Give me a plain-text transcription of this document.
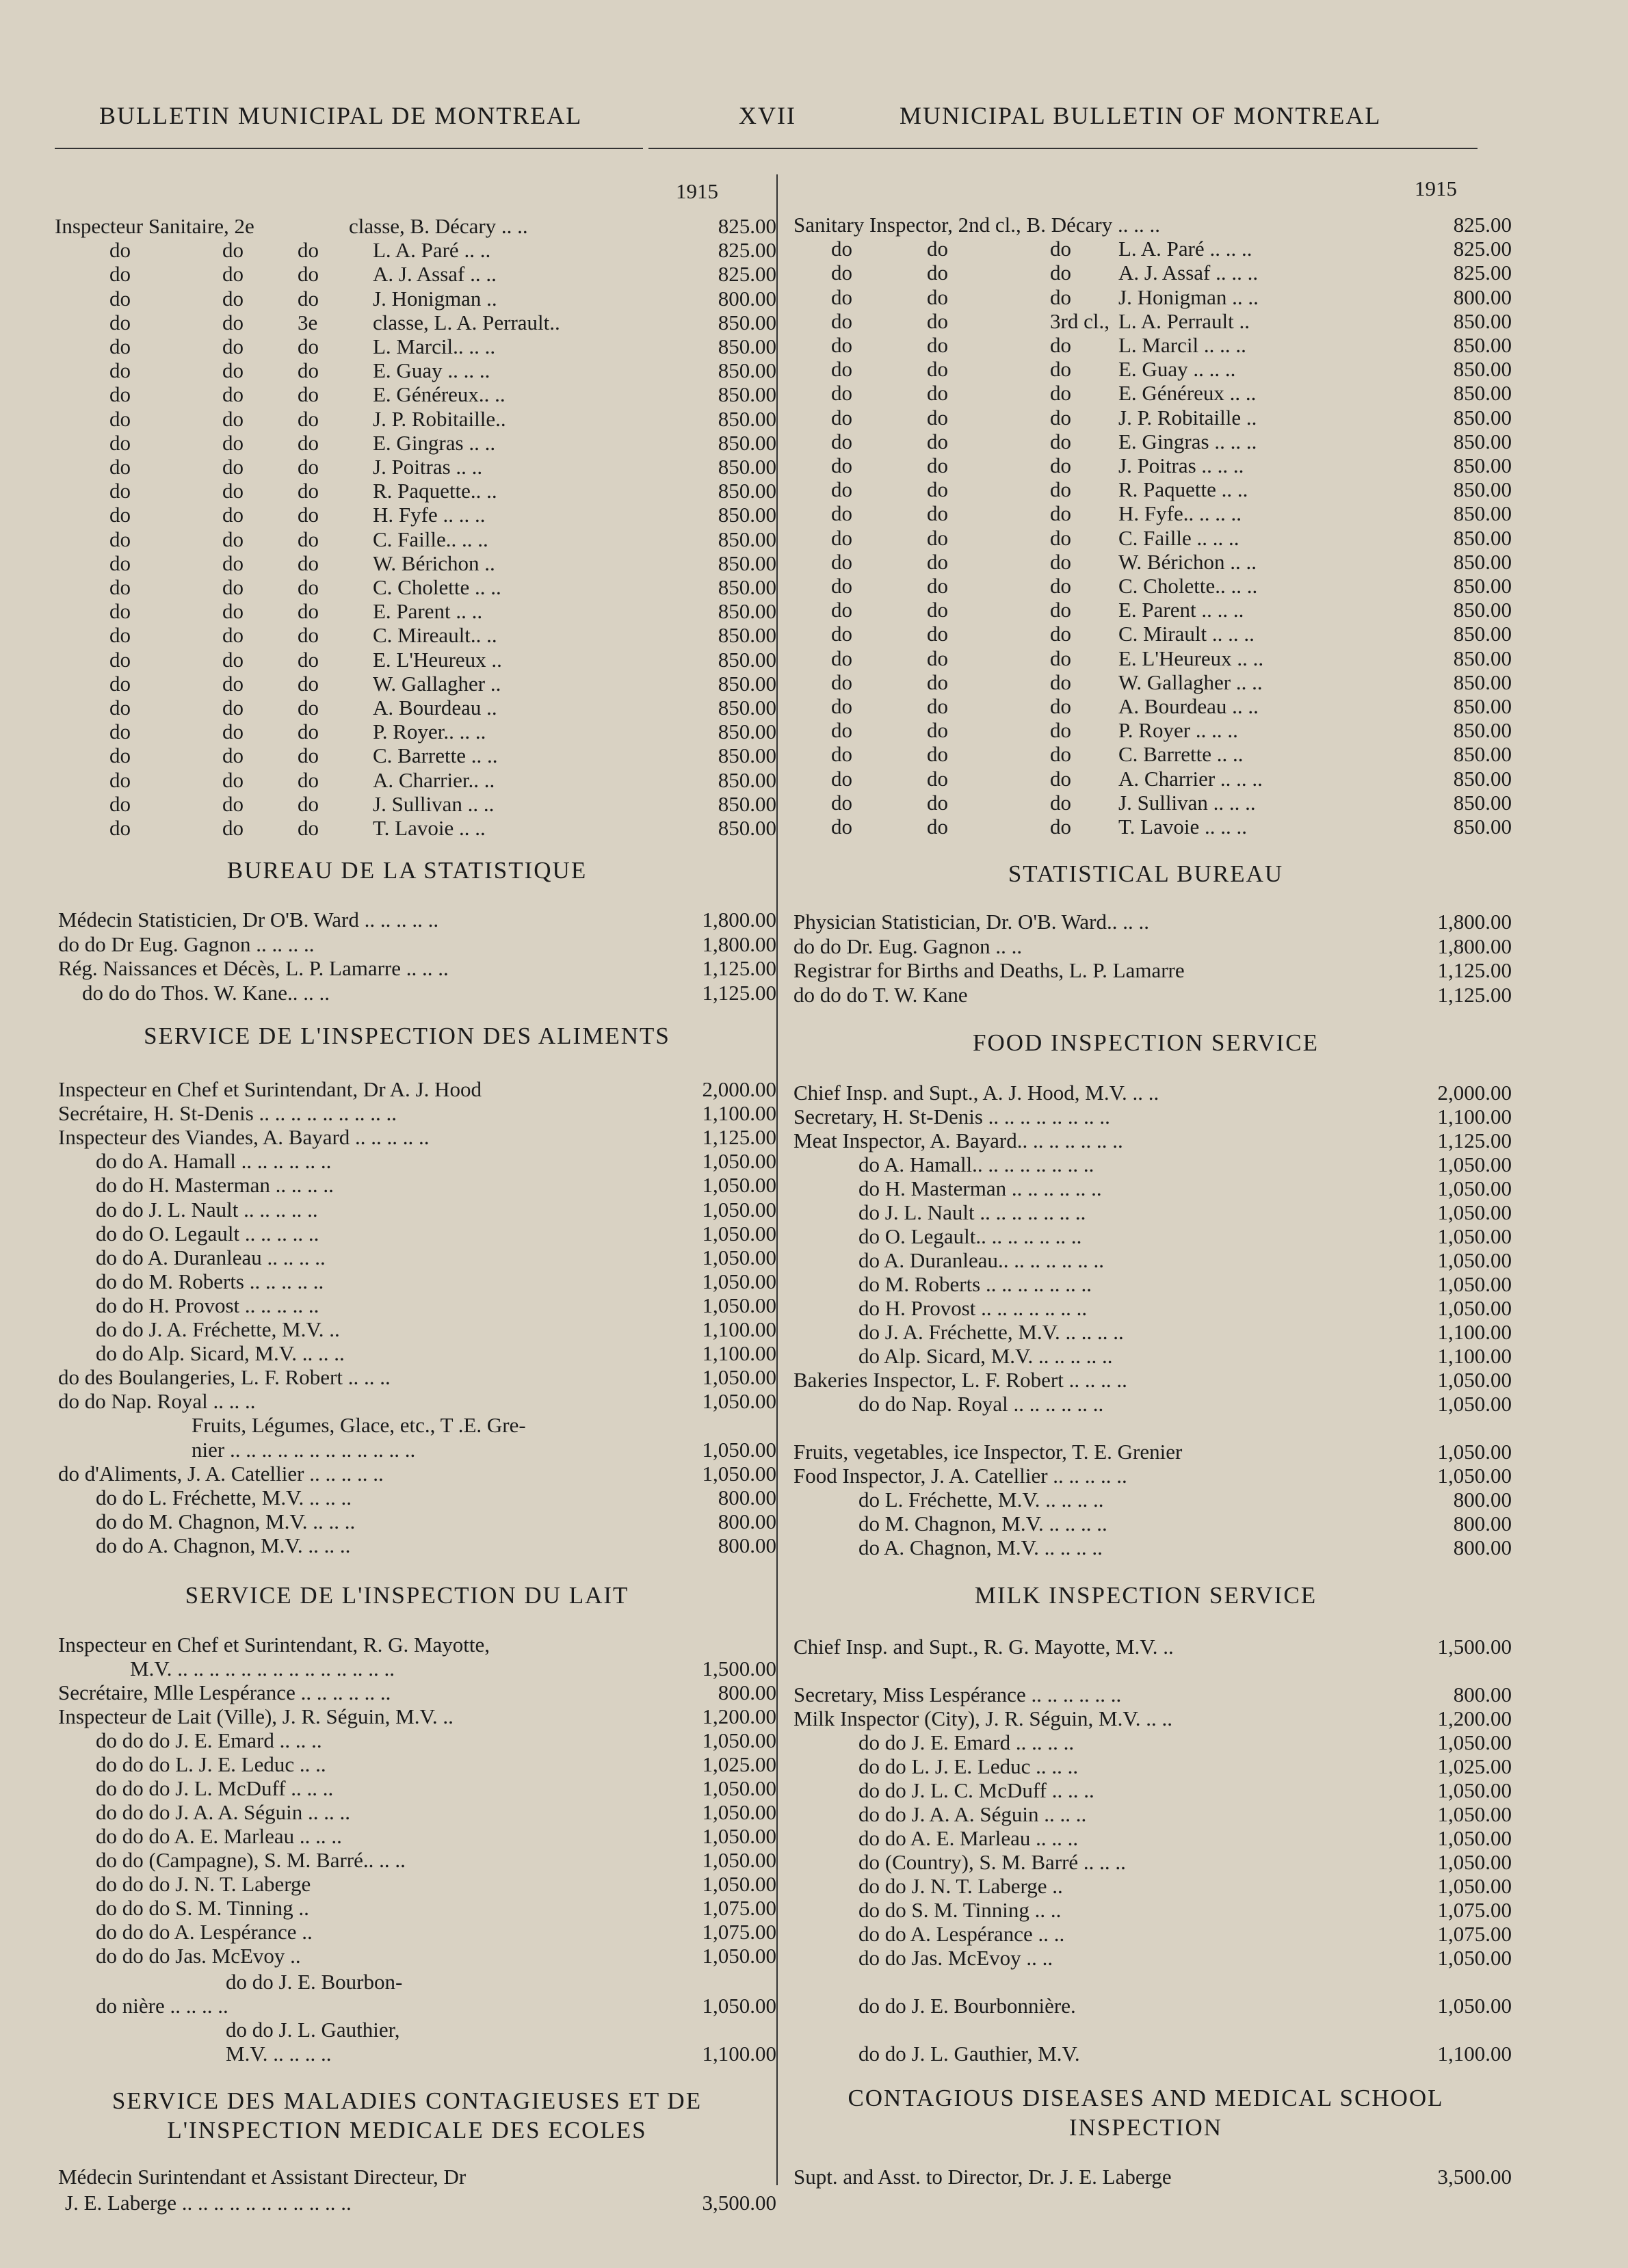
BULLETIN MUNICIPAL DE MONTREAL	XVII	MUNICIPAL BULLETIN OF MONTREAL
1915
Inspecteur Sanitaire, 2e	classe, B. Décary .. ..	825.00
do	do	do	L. A. Paré .. ..	825.00
do	do	do	A. J. Assaf .. ..	825.00
do	do	do	J. Honigman ..	800.00
do	do	3e	classe, L. A. Perrault..	850.00
do	do	do	L. Marcil.. .. ..	850.00
do	do	do	E. Guay .. .. ..	850.00
do	do	do	E. Généreux.. ..	850.00
do	do	do	J. P. Robitaille..	850.00
do	do	do	E. Gingras .. ..	850.00
do	do	do	J. Poitras .. ..	850.00
do	do	do	R. Paquette.. ..	850.00
do	do	do	H. Fyfe .. .. ..	850.00
do	do	do	C. Faille.. .. ..	850.00
do	do	do	W. Bérichon ..	850.00
do	do	do	C. Cholette .. ..	850.00
do	do	do	E. Parent .. ..	850.00
do	do	do	C. Mireault.. ..	850.00
do	do	do	E. L'Heureux ..	850.00
do	do	do	W. Gallagher ..	850.00
do	do	do	A. Bourdeau ..	850.00
do	do	do	P. Royer.. .. ..	850.00
do	do	do	C. Barrette .. ..	850.00
do	do	do	A. Charrier.. ..	850.00
do	do	do	J. Sullivan .. ..	850.00
do	do	do	T. Lavoie .. ..	850.00
BUREAU DE LA STATISTIQUE
Médecin Statisticien, Dr O'B. Ward .. .. .. .. ..	1,800.00
do do Dr Eug. Gagnon .. .. .. ..	1,800.00
Rég. Naissances et Décès, L. P. Lamarre .. .. ..	1,125.00
do do do Thos. W. Kane.. .. ..	1,125.00
SERVICE DE L'INSPECTION DES ALIMENTS
Inspecteur en Chef et Surintendant, Dr A. J. Hood	2,000.00
Secrétaire, H. St-Denis .. .. .. .. .. .. .. .. ..	1,100.00
Inspecteur des Viandes, A. Bayard .. .. .. .. ..	1,125.00
do do A. Hamall .. .. .. .. .. ..	1,050.00
do do H. Masterman .. .. .. ..	1,050.00
do do J. L. Nault .. .. .. .. ..	1,050.00
do do O. Legault .. .. .. .. ..	1,050.00
do do A. Duranleau .. .. .. ..	1,050.00
do do M. Roberts .. .. .. .. ..	1,050.00
do do H. Provost .. .. .. .. ..	1,050.00
do do J. A. Fréchette, M.V. ..	1,100.00
do do Alp. Sicard, M.V. .. .. ..	1,100.00
do des Boulangeries, L. F. Robert .. .. ..	1,050.00
do do Nap. Royal .. .. ..	1,050.00
Fruits, Légumes, Glace, etc., T .E. Gre-
nier .. .. .. .. .. .. .. .. .. .. .. ..	1,050.00
do d'Aliments, J. A. Catellier .. .. .. .. ..	1,050.00
do do L. Fréchette, M.V. .. .. ..	800.00
do do M. Chagnon, M.V. .. .. ..	800.00
do do A. Chagnon, M.V. .. .. ..	800.00
SERVICE DE L'INSPECTION DU LAIT
Inspecteur en Chef et Surintendant, R. G. Mayotte,
M.V. .. .. .. .. .. .. .. .. .. .. .. .. .. ..	1,500.00
Secrétaire, Mlle Lespérance .. .. .. .. .. ..	800.00
Inspecteur de Lait (Ville), J. R. Séguin, M.V. ..	1,200.00
do do do J. E. Emard .. .. ..	1,050.00
do do do L. J. E. Leduc .. ..	1,025.00
do do do J. L. McDuff .. .. ..	1,050.00
do do do J. A. A. Séguin .. .. ..	1,050.00
do do do A. E. Marleau .. .. ..	1,050.00
do do (Campagne), S. M. Barré.. .. ..	1,050.00
do do do J. N. T. Laberge	1,050.00
do do do S. M. Tinning ..	1,075.00
do do do A. Lespérance ..	1,075.00
do do do Jas. McEvoy ..	1,050.00
do do J. E. Bourbon-
do nière .. .. .. ..	1,050.00
do do J. L. Gauthier,
M.V. .. .. .. ..	1,100.00
SERVICE DES MALADIES CONTAGIEUSES ET DE
L'INSPECTION MEDICALE DES ECOLES
Médecin Surintendant et Assistant Directeur, Dr
J. E. Laberge .. .. .. .. .. .. .. .. .. .. ..	3,500.00
1915
Sanitary Inspector, 2nd cl., B. Décary .. .. ..	825.00
do	do	do L. A. Paré .. .. ..	825.00
do	do	do A. J. Assaf .. .. ..	825.00
do	do	do J. Honigman .. ..	800.00
do	do	3rd cl., L. A. Perrault ..	850.00
do	do	do L. Marcil .. .. ..	850.00
do	do	do E. Guay .. .. ..	850.00
do	do	do E. Généreux .. ..	850.00
do	do	do J. P. Robitaille ..	850.00
do	do	do E. Gingras .. .. ..	850.00
do	do	do J. Poitras .. .. ..	850.00
do	do	do R. Paquette .. ..	850.00
do	do	do H. Fyfe.. .. .. ..	850.00
do	do	do C. Faille .. .. ..	850.00
do	do	do W. Bérichon .. ..	850.00
do	do	do C. Cholette.. .. ..	850.00
do	do	do E. Parent .. .. ..	850.00
do	do	do C. Mirault .. .. ..	850.00
do	do	do E. L'Heureux .. ..	850.00
do	do	do W. Gallagher .. ..	850.00
do	do	do A. Bourdeau .. ..	850.00
do	do	do P. Royer .. .. ..	850.00
do	do	do C. Barrette .. ..	850.00
do	do	do A. Charrier .. .. ..	850.00
do	do	do J. Sullivan .. .. ..	850.00
do	do	do T. Lavoie .. .. ..	850.00
STATISTICAL BUREAU
Physician Statistician, Dr. O'B. Ward.. .. ..	1,800.00
do do Dr. Eug. Gagnon .. ..	1,800.00
Registrar for Births and Deaths, L. P. Lamarre	1,125.00
do do do T. W. Kane	1,125.00
FOOD INSPECTION SERVICE
Chief Insp. and Supt., A. J. Hood, M.V. .. ..	2,000.00
Secretary, H. St-Denis .. .. .. .. .. .. .. ..	1,100.00
Meat Inspector, A. Bayard.. .. .. .. .. .. ..	1,125.00
do A. Hamall.. .. .. .. .. .. .. ..	1,050.00
do H. Masterman .. .. .. .. .. ..	1,050.00
do J. L. Nault .. .. .. .. .. .. ..	1,050.00
do O. Legault.. .. .. .. .. .. ..	1,050.00
do A. Duranleau.. .. .. .. .. .. ..	1,050.00
do M. Roberts .. .. .. .. .. .. ..	1,050.00
do H. Provost .. .. .. .. .. .. ..	1,050.00
do J. A. Fréchette, M.V. .. .. .. ..	1,100.00
do Alp. Sicard, M.V. .. .. .. .. ..	1,100.00
Bakeries Inspector, L. F. Robert .. .. .. ..	1,050.00
do do Nap. Royal .. .. .. .. .. ..	1,050.00
Fruits, vegetables, ice Inspector, T. E. Grenier	1,050.00
Food Inspector, J. A. Catellier .. .. .. .. ..	1,050.00
do L. Fréchette, M.V. .. .. .. ..	800.00
do M. Chagnon, M.V. .. .. .. ..	800.00
do A. Chagnon, M.V. .. .. .. ..	800.00
MILK INSPECTION SERVICE
Chief Insp. and Supt., R. G. Mayotte, M.V. ..	1,500.00
Secretary, Miss Lespérance .. .. .. .. .. ..	800.00
Milk Inspector (City), J. R. Séguin, M.V. .. ..	1,200.00
do do J. E. Emard .. .. .. ..	1,050.00
do do L. J. E. Leduc .. .. ..	1,025.00
do do J. L. C. McDuff .. .. ..	1,050.00
do do J. A. A. Séguin .. .. ..	1,050.00
do do A. E. Marleau .. .. ..	1,050.00
do (Country), S. M. Barré .. .. ..	1,050.00
do do J. N. T. Laberge ..	1,050.00
do do S. M. Tinning .. ..	1,075.00
do do A. Lespérance .. ..	1,075.00
do do Jas. McEvoy .. ..	1,050.00
do do J. E. Bourbonnière.	1,050.00
do do J. L. Gauthier, M.V.	1,100.00
CONTAGIOUS DISEASES AND MEDICAL SCHOOL
INSPECTION
Supt. and Asst. to Director, Dr. J. E. Laberge	3,500.00
